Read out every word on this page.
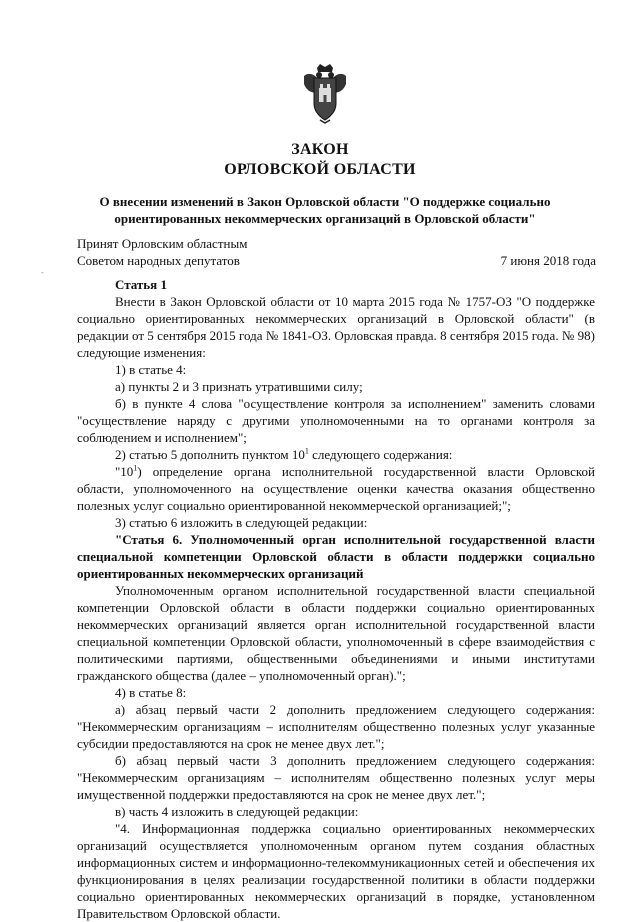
ЗАКОН
ОРЛОВСКОЙ ОБЛАСТИ
О внесении изменений в Закон Орловской области "О поддержке социально ориентированных некоммерческих организаций в Орловской области"
Принят Орловским областным
Советом народных депутатов	7 июня 2018 года
-

Статья 1

Внести в Закон Орловской области от 10 марта 2015 года № 1757-ОЗ "О поддержке социально ориентированных некоммерческих организаций в Орловской области" (в редакции от 5 сентября 2015 года № 1841-ОЗ. Орловская правда. 8 сентября 2015 года. № 98) следующие изменения:

1) в статье 4:

а) пункты 2 и 3 признать утратившими силу;

б) в пункте 4 слова "осуществление контроля за исполнением" заменить словами "осуществление наряду с другими уполномоченными на то органами контроля за соблюдением и исполнением";

2) статью 5 дополнить пунктом $10^1$ следующего содержания:

"$10^1$) определение органа исполнительной государственной власти Орловской области, уполномоченного на осуществление оценки качества оказания общественно полезных услуг социально ориентированной некоммерческой организацией;";

3) статью 6 изложить в следующей редакции:

"Статья 6. Уполномоченный орган исполнительной государственной власти специальной компетенции Орловской области в области поддержки социально ориентированных некоммерческих организаций

Уполномоченным органом исполнительной государственной власти специальной компетенции Орловской области в области поддержки социально ориентированных некоммерческих организаций является орган исполнительной государственной власти специальной компетенции Орловской области, уполномоченный в сфере взаимодействия с политическими партиями, общественными объединениями и иными институтами гражданского общества (далее – уполномоченный орган).";

4) в статье 8:

а) абзац первый части 2 дополнить предложением следующего содержания: "Некоммерческим организациям – исполнителям общественно полезных услуг указанные субсидии предоставляются на срок не менее двух лет.";

б) абзац первый части 3 дополнить предложением следующего содержания: "Некоммерческим организациям – исполнителям общественно полезных услуг меры имущественной поддержки предоставляются на срок не менее двух лет.";

в) часть 4 изложить в следующей редакции:

"4. Информационная поддержка социально ориентированных некоммерческих организаций осуществляется уполномоченным органом путем создания областных информационных систем и информационно-телекоммуникационных сетей и обеспечения их функционирования в целях реализации государственной политики в области поддержки социально ориентированных некоммерческих организаций в порядке, установленном Правительством Орловской области.
